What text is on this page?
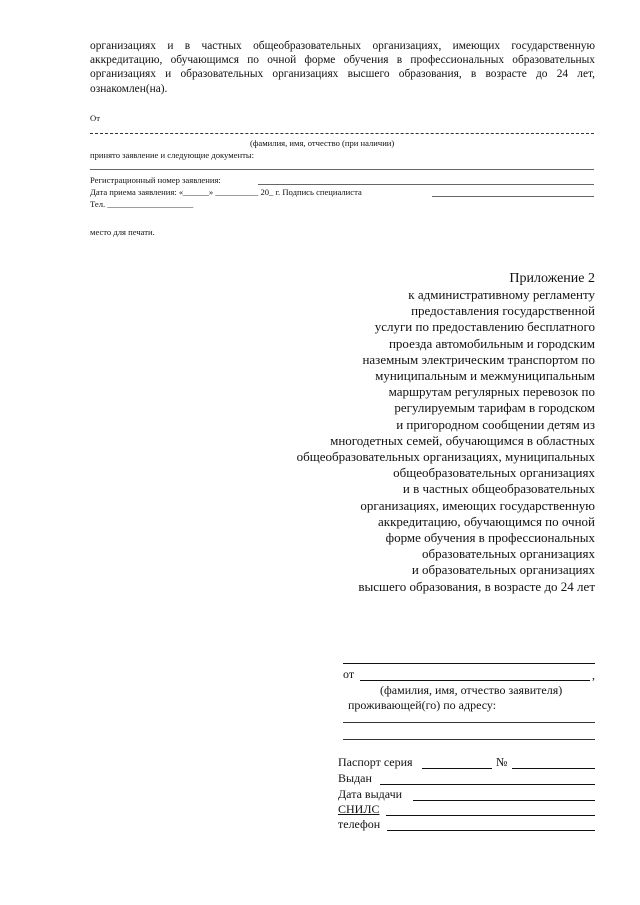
организациях и в частных общеобразовательных организациях, имеющих государственную аккредитацию, обучающимся по очной форме обучения в профессиональных образовательных организациях и образовательных организациях высшего образования, в возрасте до 24 лет, ознакомлен(на).
От
(фамилия, имя, отчество (при наличии)
принято заявление и следующие документы:
Регистрационный номер заявления:
Дата приема заявления: «______» __________ 20_ г. Подпись специалиста
Тел. ____________________
место для печати.
Приложение 2
к административному регламенту
предоставления государственной
услуги по предоставлению бесплатного
проезда автомобильным и городским
наземным электрическим транспортом по
муниципальным и межмуниципальным
маршрутам регулярных перевозок по
регулируемым тарифам в городском
и пригородном сообщении детям из
многодетных семей, обучающимся в областных
общеобразовательных организациях, муниципальных
общеобразовательных организациях
и в частных общеобразовательных
организациях, имеющих государственную
аккредитацию, обучающимся по очной
форме обучения в профессиональных
образовательных организациях
и образовательных организациях
высшего образования, в возрасте до 24 лет
от	,
(фамилия, имя, отчество заявителя)
проживающей(го) по адресу:
Паспорт серия	№
Выдан
Дата выдачи
СНИЛС
телефон
